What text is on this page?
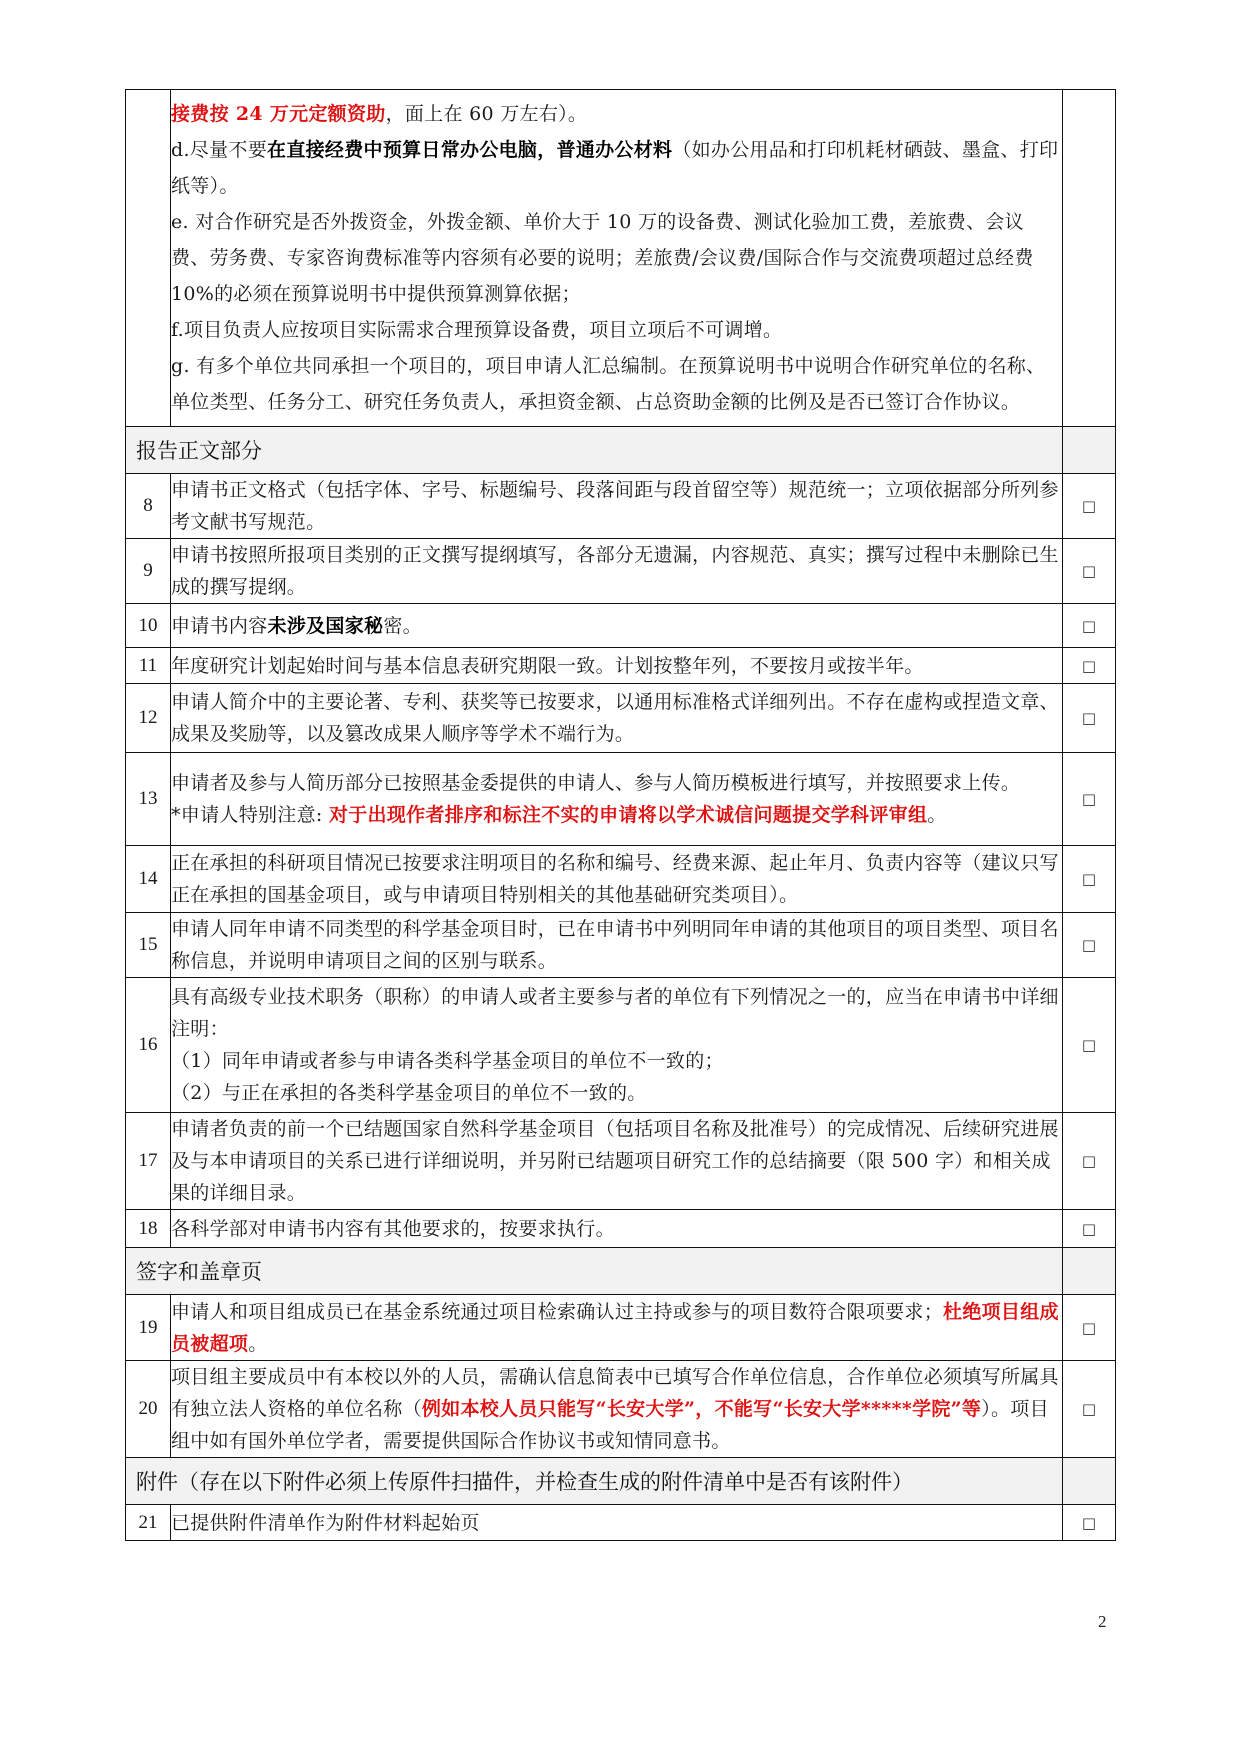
	接费按 24 万元定额资助，面上在 60 万左右）。
d.尽量不要在直接经费中预算日常办公电脑，普通办公材料（如办公用品和打印机耗材硒鼓、墨盒、打印纸等）。
e. 对合作研究是否外拨资金，外拨金额、单价大于 10 万的设备费、测试化验加工费，差旅费、会议费、劳务费、专家咨询费标准等内容须有必要的说明；差旅费/会议费/国际合作与交流费项超过总经费 10%的必须在预算说明书中提供预算测算依据；
f.项目负责人应按项目实际需求合理预算设备费，项目立项后不可调增。
g. 有多个单位共同承担一个项目的，项目申请人汇总编制。在预算说明书中说明合作研究单位的名称、单位类型、任务分工、研究任务负责人，承担资金额、占总资助金额的比例及是否已签订合作协议。	

报告正文部分		
8	申请书正文格式（包括字体、字号、标题编号、段落间距与段首留空等）规范统一；立项依据部分所列参考文献书写规范。	□
9	申请书按照所报项目类别的正文撰写提纲填写，各部分无遗漏，内容规范、真实；撰写过程中未删除已生成的撰写提纲。	□
10	申请书内容未涉及国家秘密。	□
11	年度研究计划起始时间与基本信息表研究期限一致。计划按整年列，不要按月或按半年。	□
12	申请人简介中的主要论著、专利、获奖等已按要求，以通用标准格式详细列出。不存在虚构或捏造文章、成果及奖励等，以及篡改成果人顺序等学术不端行为。	□
13	申请者及参与人简历部分已按照基金委提供的申请人、参与人简历模板进行填写，并按照要求上传。
*申请人特别注意: 对于出现作者排序和标注不实的申请将以学术诚信问题提交学科评审组。	□
14	正在承担的科研项目情况已按要求注明项目的名称和编号、经费来源、起止年月、负责内容等（建议只写正在承担的国基金项目，或与申请项目特别相关的其他基础研究类项目）。	□
15	申请人同年申请不同类型的科学基金项目时，已在申请书中列明同年申请的其他项目的项目类型、项目名称信息，并说明申请项目之间的区别与联系。	□
16	具有高级专业技术职务（职称）的申请人或者主要参与者的单位有下列情况之一的，应当在申请书中详细注明：
（1）同年申请或者参与申请各类科学基金项目的单位不一致的；
（2）与正在承担的各类科学基金项目的单位不一致的。	□
17	申请者负责的前一个已结题国家自然科学基金项目（包括项目名称及批准号）的完成情况、后续研究进展及与本申请项目的关系已进行详细说明，并另附已结题项目研究工作的总结摘要（限 500 字）和相关成果的详细目录。	□
18	各科学部对申请书内容有其他要求的，按要求执行。	□
签字和盖章页		
19	申请人和项目组成员已在基金系统通过项目检索确认过主持或参与的项目数符合限项要求；杜绝项目组成员被超项。	□
20	项目组主要成员中有本校以外的人员，需确认信息简表中已填写合作单位信息，合作单位必须填写所属具有独立法人资格的单位名称（例如本校人员只能写“长安大学”，不能写“长安大学*****学院”等）。项目组中如有国外单位学者，需要提供国际合作协议书或知情同意书。	□
附件（存在以下附件必须上传原件扫描件，并检查生成的附件清单中是否有该附件）		
21	已提供附件清单作为附件材料起始页	□
2
